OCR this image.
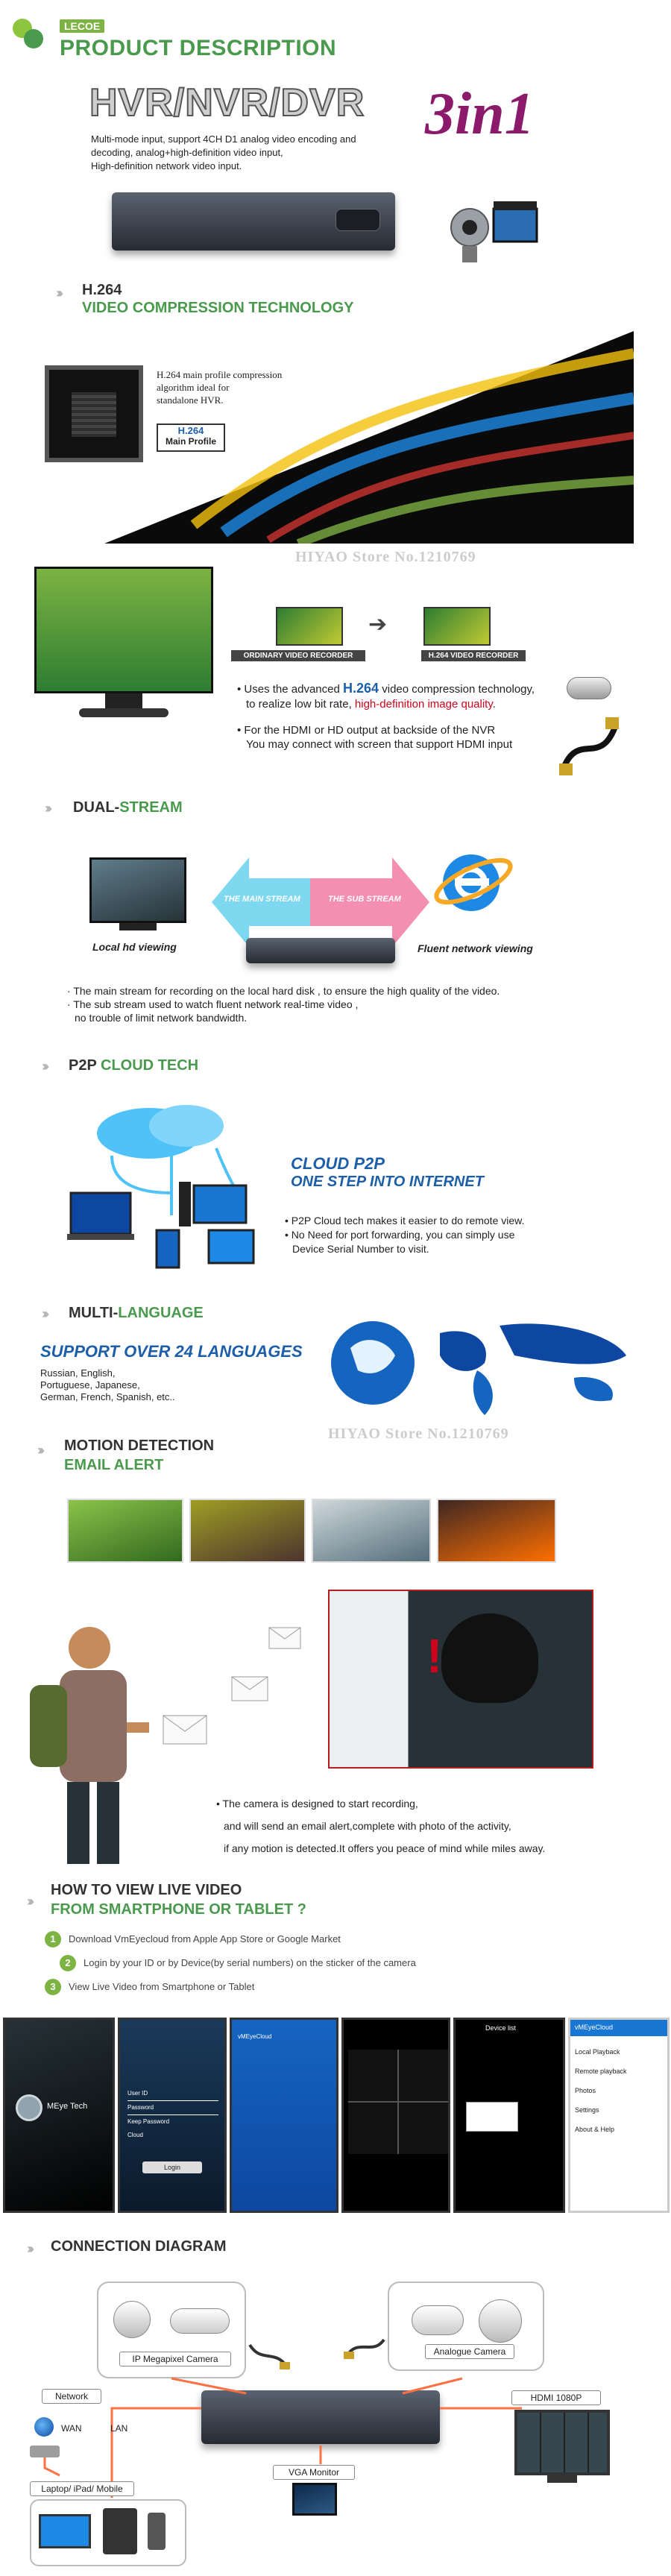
LECOE
PRODUCT DESCRIPTION
HVR/NVR/DVR 3in1
Multi-mode input, support 4CH D1 analog video encoding and
decoding, analog+high-definition video input,
High-definition network video input.
››› H.264
VIDEO COMPRESSION TECHNOLOGY
H.264 main profile compression
algorithm ideal for
standalone HVR.
H.264
Main Profile
HIYAO Store No.1210769
➔
ORDINARY VIDEO RECORDER	H.264 VIDEO RECORDER
• Uses the advanced H.264 video compression technology,
to realize low bit rate, high-definition image quality.
• For the HDMI or HD output at backside of the NVR
You may connect with screen that support HDMI input
››› DUAL-STREAM
Local hd viewing
THE MAIN STREAM	THE SUB STREAM
Fluent network viewing
· The main stream for recording on the local hard disk , to ensure the high quality of the video.
· The sub stream used to watch fluent network real-time video ,
no trouble of limit network bandwidth.
››› P2P CLOUD TECH
CLOUD P2P
ONE STEP INTO INTERNET
• P2P Cloud tech makes it easier to do remote view.
• No Need for port forwarding, you can simply use
Device Serial Number to visit.
››› MULTI-LANGUAGE
SUPPORT OVER 24 LANGUAGES
Russian, English,
Portuguese, Japanese,
German, French, Spanish, etc..
HIYAO Store No.1210769
››› MOTION DETECTION
EMAIL ALERT
!
• The camera is designed to start recording,
and will send an email alert,complete with photo of the activity,
if any motion is detected.It offers you peace of mind while miles away.
›››
HOW TO VIEW LIVE VIDEO
FROM SMARTPHONE OR TABLET ?
1 Download VmEyecloud from Apple App Store or Google Market
2 Login by your ID or by Device(by serial numbers) on the sticker of the camera
3 View Live Video from Smartphone or Tablet
MEye Tech
User ID
Password
Keep Password
Cloud
Login
vMEyeCloud
Device list	vMEyeCloud
Local Playback
Remote playback
Photos
Settings
About & Help
››› CONNECTION DIAGRAM
IP Megapixel Camera
Analogue Camera
Network
WAN	LAN
HDMI 1080P
VGA Monitor
Laptop/ iPad/ Mobile
